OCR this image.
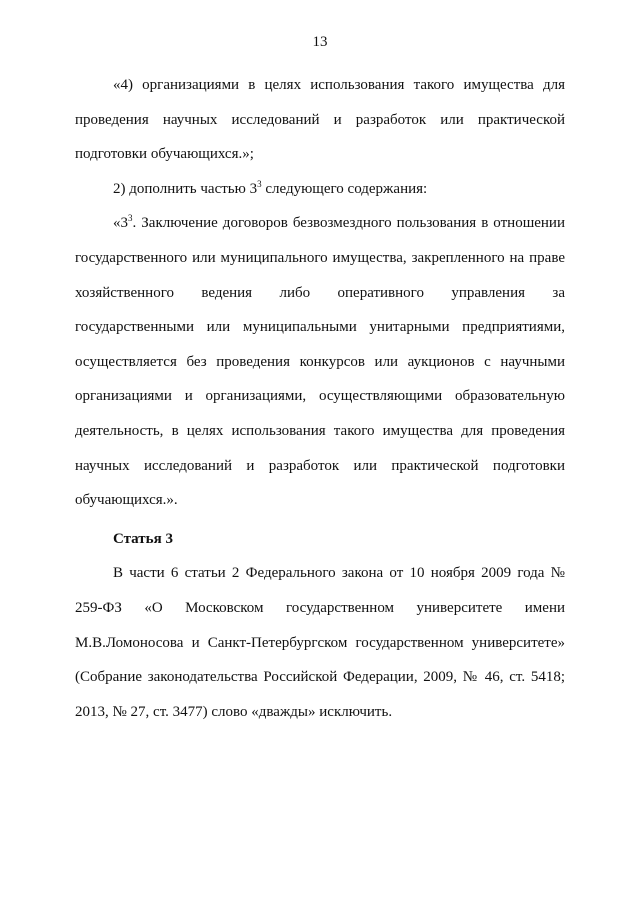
13

«4) организациями в целях использования такого имущества для проведения научных исследований и разработок или практической подготовки обучающихся.»;

2) дополнить частью $3^3$ следующего содержания:

«$3^3$. Заключение договоров безвозмездного пользования в отношении государственного или муниципального имущества, закрепленного на праве хозяйственного ведения либо оперативного управления за государственными или муниципальными унитарными предприятиями, осуществляется без проведения конкурсов или аукционов с научными организациями и организациями, осуществляющими образовательную деятельность, в целях использования такого имущества для проведения научных исследований и разработок или практической подготовки обучающихся.».

Статья 3

В части 6 статьи 2 Федерального закона от 10 ноября 2009 года № 259-ФЗ «О Московском государственном университете имени М.В.Ломоносова и Санкт-Петербургском государственном университете» (Собрание законодательства Российской Федерации, 2009, № 46, ст. 5418; 2013, № 27, ст. 3477) слово «дважды» исключить.
